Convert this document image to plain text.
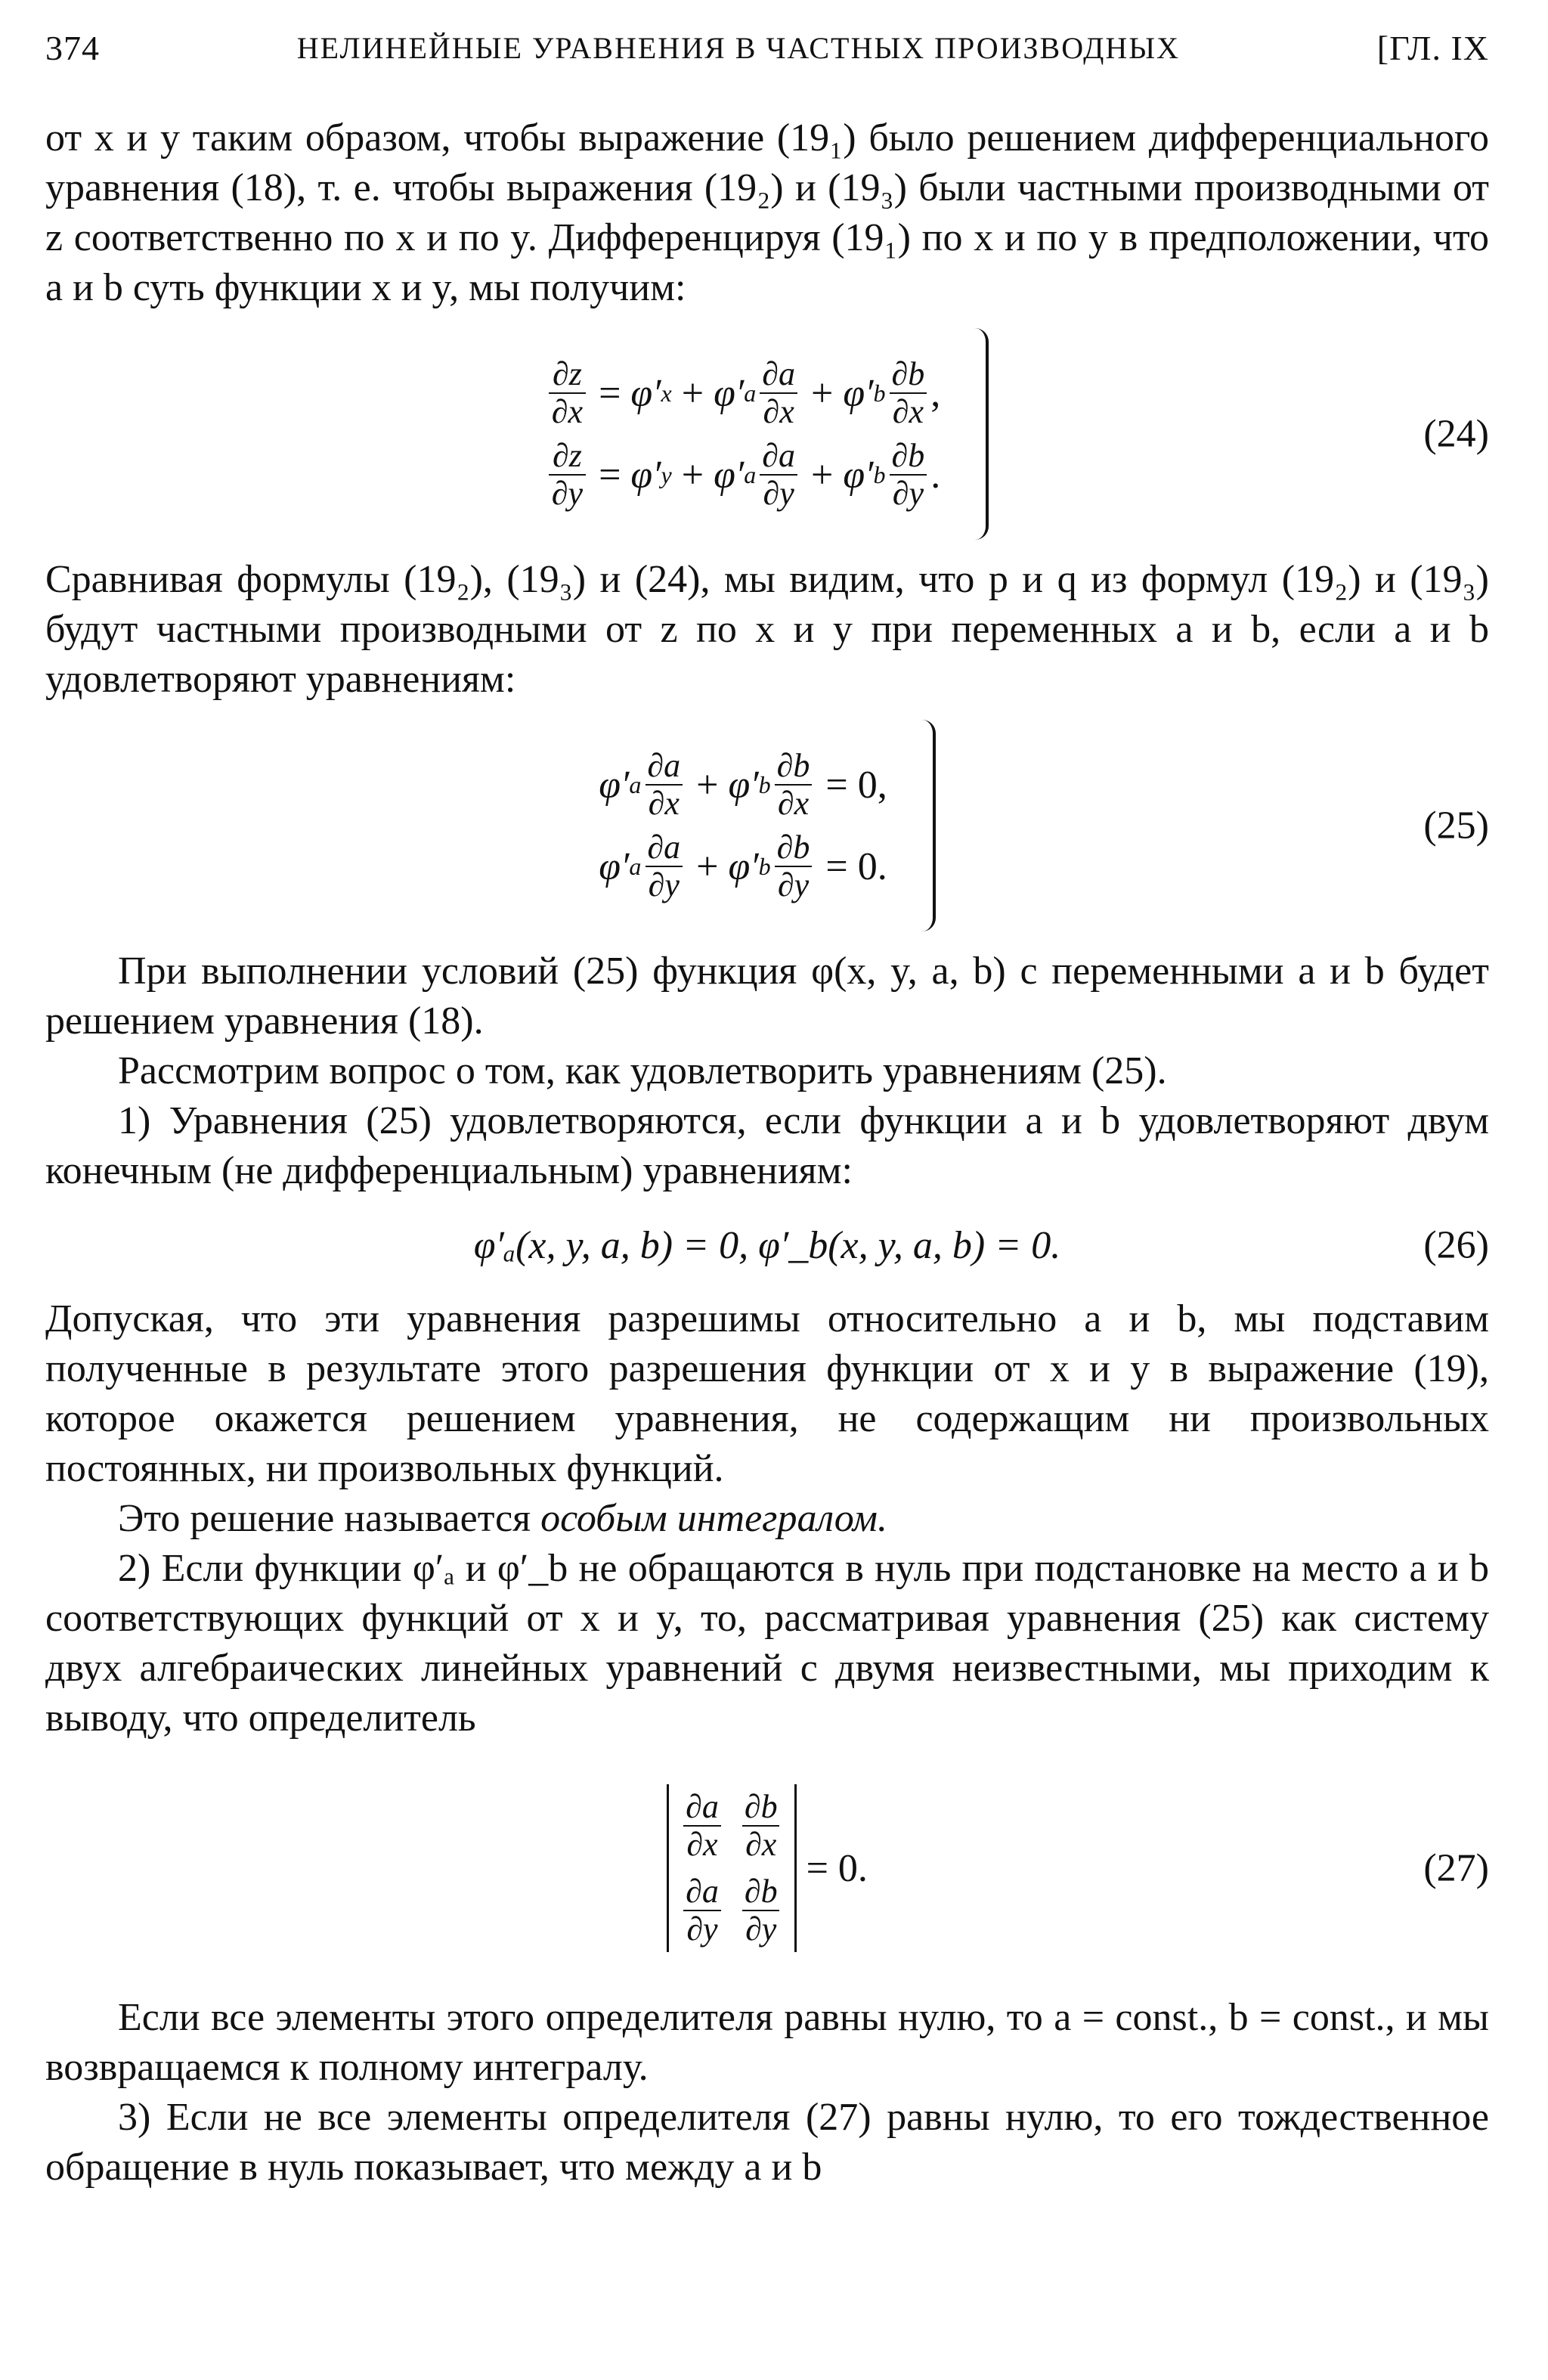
374	НЕЛИНЕЙНЫЕ УРАВНЕНИЯ В ЧАСТНЫХ ПРОИЗВОДНЫХ	[ГЛ. IX

от x и y таким образом, чтобы выражение (19₁) было решением дифференциального уравнения (18), т. е. чтобы выражения (19₂) и (19₃) были частными производными от z соответственно по x и по y. Дифференцируя (19₁) по x и по y в предположении, что a и b суть функции x и y, мы получим:

$\frac{\partial z}{\partial x} = \varphi'$ x + φ′ a $\frac{\partial a}{\partial x} + \varphi'$ b $\frac{\partial b}{\partial x}$ ,
$\frac{\partial z}{\partial y} = \varphi'$ y + φ′ a $\frac{\partial a}{\partial y} + \varphi'$ b $\frac{\partial b}{\partial y}$ .
(24)

Сравнивая формулы (19₂), (19₃) и (24), мы видим, что p и q из формул (19₂) и (19₃) будут частными производными от z по x и y при переменных a и b, если a и b удовлетворяют уравнениям:

φ′ a $\frac{\partial a}{\partial x} + \varphi'$ b $\frac{\partial b}{\partial x} = 0$,
φ′ a $\frac{\partial a}{\partial y} + \varphi'$ b $\frac{\partial b}{\partial y} = 0$.
(25)

При выполнении условий (25) функция φ(x, y, a, b) с переменными a и b будет решением уравнения (18).

Рассмотрим вопрос о том, как удовлетворить уравнениям (25).

1) Уравнения (25) удовлетворяются, если функции a и b удовлетворяют двум конечным (не дифференциальным) уравнениям:

φ′ₐ(x, y, a, b) = 0, φ′_b(x, y, a, b) = 0.	(26)

Допуская, что эти уравнения разрешимы относительно a и b, мы подставим полученные в результате этого разрешения функции от x и y в выражение (19), которое окажется решением уравнения, не содержащим ни произвольных постоянных, ни произвольных функций.

Это решение называется особым интегралом.

2) Если функции φ′ₐ и φ′_b не обращаются в нуль при подстановке на место a и b соответствующих функций от x и y, то, рассматривая уравнения (25) как систему двух алгебраических линейных уравнений с двумя неизвестными, мы приходим к выводу, что определитель

$\frac{\partial a}{\partial x} \frac{\partial b}{\partial x}$
$\frac{\partial a}{\partial y} \frac{\partial b}{\partial y}$
= 0.	(27)

Если все элементы этого определителя равны нулю, то a = const., b = const., и мы возвращаемся к полному интегралу.

3) Если не все элементы определителя (27) равны нулю, то его тождественное обращение в нуль показывает, что между a и b
